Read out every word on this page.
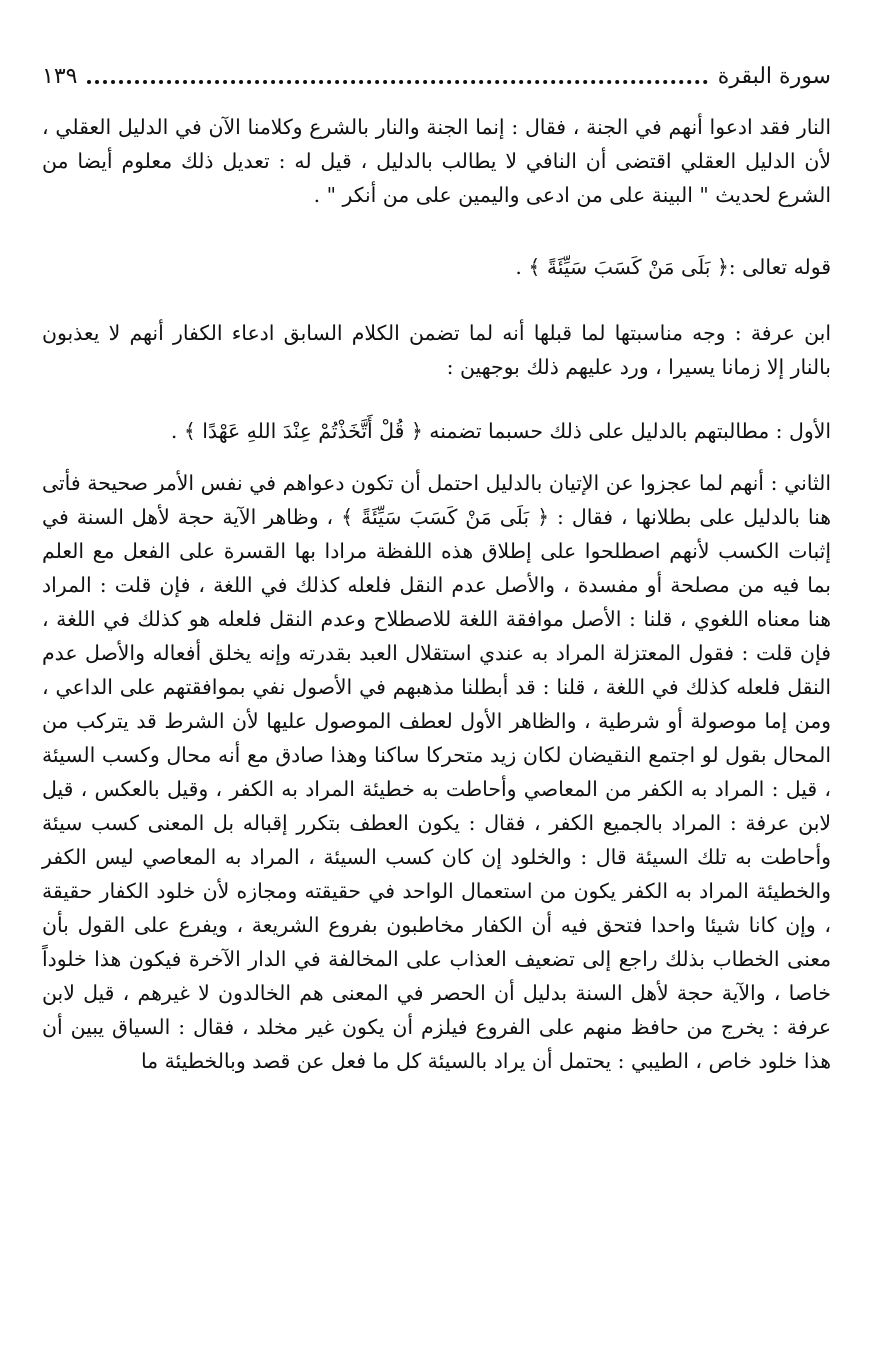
سورة البقرة
١٣٩

النار فقد ادعوا أنهم في الجنة ، فقال : إنما الجنة والنار بالشرع وكلامنا الآن في الدليل العقلي ، لأن الدليل العقلي اقتضى أن النافي لا يطالب بالدليل ، قيل له : تعديل ذلك معلوم أيضا من الشرع لحديث " البينة على من ادعى واليمين على من أنكر " .

قوله تعالى :﴿ بَلَى مَنْ كَسَبَ سَيِّئَةً ﴾ .

ابن عرفة : وجه مناسبتها لما قبلها أنه لما تضمن الكلام السابق ادعاء الكفار أنهم لا يعذبون بالنار إلا زمانا يسيرا ، ورد عليهم ذلك بوجهين :

الأول : مطالبتهم بالدليل على ذلك حسبما تضمنه ﴿ قُلْ أَتَّخَذْتُمْ عِنْدَ اللهِ عَهْدًا ﴾ .

الثاني : أنهم لما عجزوا عن الإتيان بالدليل احتمل أن تكون دعواهم في نفس الأمر صحيحة فأتى هنا بالدليل على بطلانها ، فقال : ﴿ بَلَى مَنْ كَسَبَ سَيِّئَةً ﴾ ، وظاهر الآية حجة لأهل السنة في إثبات الكسب لأنهم اصطلحوا على إطلاق هذه اللفظة مرادا بها القسرة على الفعل مع العلم بما فيه من مصلحة أو مفسدة ، والأصل عدم النقل فلعله كذلك في اللغة ، فإن قلت : المراد هنا معناه اللغوي ، قلنا : الأصل موافقة اللغة للاصطلاح وعدم النقل فلعله هو كذلك في اللغة ، فإن قلت : فقول المعتزلة المراد به عندي استقلال العبد بقدرته وإنه يخلق أفعاله والأصل عدم النقل فلعله كذلك في اللغة ، قلنا : قد أبطلنا مذهبهم في الأصول نفي بموافقتهم على الداعي ، ومن إما موصولة أو شرطية ، والظاهر الأول لعطف الموصول عليها لأن الشرط قد يتركب من المحال بقول لو اجتمع النقيضان لكان زيد متحركا ساكنا وهذا صادق مع أنه محال وكسب السيئة ، قيل : المراد به الكفر من المعاصي وأحاطت به خطيئة المراد به الكفر ، وقيل بالعكس ، قيل لابن عرفة : المراد بالجميع الكفر ، فقال : يكون العطف بتكرر إقباله بل المعنى كسب سيئة وأحاطت به تلك السيئة قال : والخلود إن كان كسب السيئة ، المراد به المعاصي ليس الكفر والخطيئة المراد به الكفر يكون من استعمال الواحد في حقيقته ومجازه لأن خلود الكفار حقيقة ، وإن كانا شيئا واحدا فتحق فيه أن الكفار مخاطبون بفروع الشريعة ، ويفرع على القول بأن معنى الخطاب بذلك راجع إلى تضعيف العذاب على المخالفة في الدار الآخرة فيكون هذا خلوداً خاصا ، والآية حجة لأهل السنة بدليل أن الحصر في المعنى هم الخالدون لا غيرهم ، قيل لابن عرفة : يخرج من حافظ منهم على الفروع فيلزم أن يكون غير مخلد ، فقال : السياق يبين أن هذا خلود خاص ، الطيبي : يحتمل أن يراد بالسيئة كل ما فعل عن قصد وبالخطيئة ما
